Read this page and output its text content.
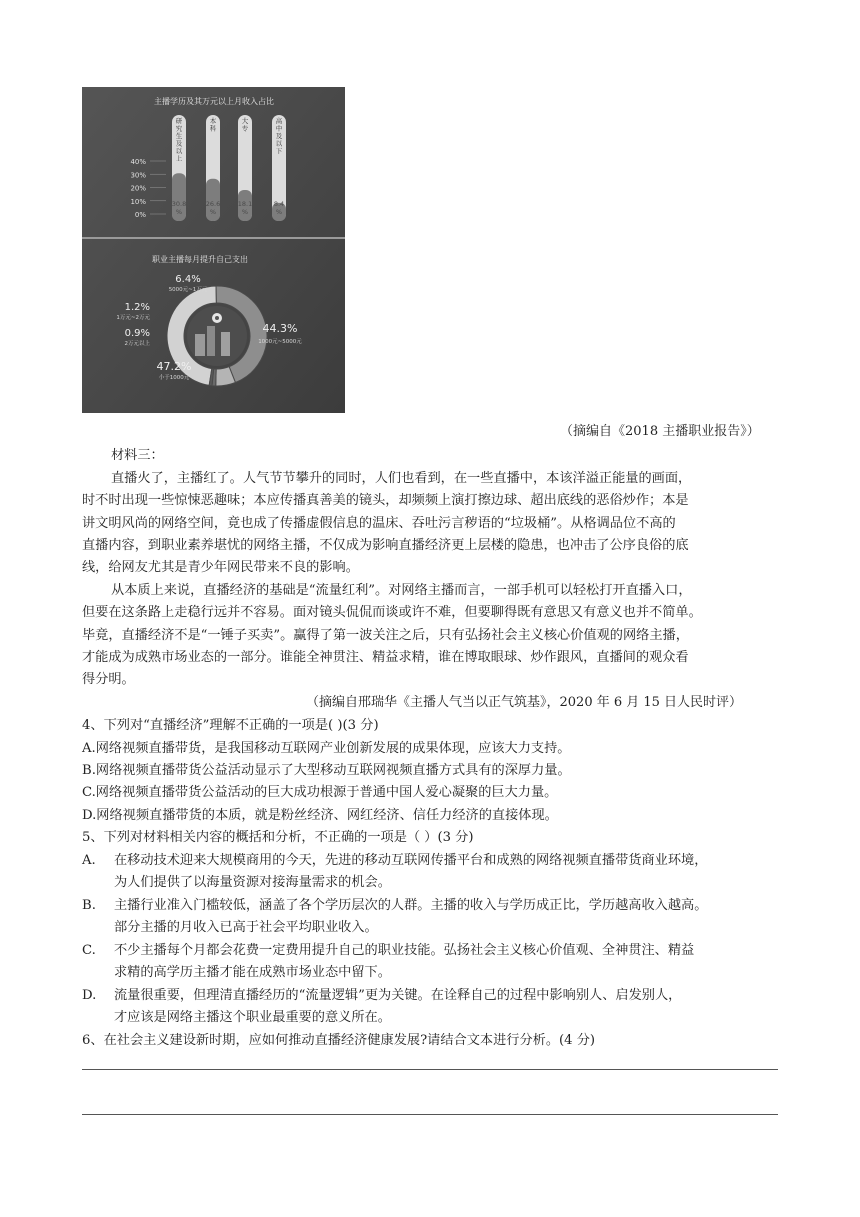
主播学历及其万元以上月收入占比
40%
30%
20%
10%
0%
研究生及以上
30.8 %
本科
26.6 %
大专
18.1 %
高中及以下
8.4 %
职业主播每月提升自己支出
6.4%
5000元~1万元
1.2%
1万元~2万元
0.9%
2万元以上
44.3%
1000元~5000元
47.2%
小于1000元
（摘编自《2018 主播职业报告》）
材料三：
直播火了，主播红了。人气节节攀升的同时，人们也看到，在一些直播中，本该洋溢正能量的画面，
时不时出现一些惊悚恶趣味；本应传播真善美的镜头，却频频上演打擦边球、超出底线的恶俗炒作；本是
讲文明风尚的网络空间，竟也成了传播虚假信息的温床、吞吐污言秽语的“垃圾桶”。从格调品位不高的
直播内容，到职业素养堪忧的网络主播，不仅成为影响直播经济更上层楼的隐患，也冲击了公序良俗的底
线，给网友尤其是青少年网民带来不良的影响。
从本质上来说，直播经济的基础是“流量红利”。对网络主播而言，一部手机可以轻松打开直播入口，
但要在这条路上走稳行远并不容易。面对镜头侃侃而谈或许不难，但要聊得既有意思又有意义也并不简单。
毕竟，直播经济不是“一锤子买卖”。赢得了第一波关注之后，只有弘扬社会主义核心价值观的网络主播，
才能成为成熟市场业态的一部分。谁能全神贯注、精益求精，谁在博取眼球、炒作跟风，直播间的观众看
得分明。
（摘编自邢瑞华《主播人气当以正气筑基》，2020 年 6 月 15 日人民时评）
4、下列对“直播经济”理解不正确的一项是( )(3 分)
A.网络视频直播带货，是我国移动互联网产业创新发展的成果体现，应该大力支持。
B.网络视频直播带货公益活动显示了大型移动互联网视频直播方式具有的深厚力量。
C.网络视频直播带货公益活动的巨大成功根源于普通中国人爱心凝聚的巨大力量。
D.网络视频直播带货的本质，就是粉丝经济、网红经济、信任力经济的直接体现。
5、下列对材料相关内容的概括和分析，不正确的一项是（ ）(3 分)
A. 在移动技术迎来大规模商用的今天，先进的移动互联网传播平台和成熟的网络视频直播带货商业环境，
为人们提供了以海量资源对接海量需求的机会。
B. 主播行业准入门槛较低，涵盖了各个学历层次的人群。主播的收入与学历成正比，学历越高收入越高。
部分主播的月收入已高于社会平均职业收入。
C. 不少主播每个月都会花费一定费用提升自己的职业技能。弘扬社会主义核心价值观、全神贯注、精益
求精的高学历主播才能在成熟市场业态中留下。
D. 流量很重要，但理清直播经历的“流量逻辑”更为关键。在诠释自己的过程中影响别人、启发别人，
才应该是网络主播这个职业最重要的意义所在。
6、在社会主义建设新时期，应如何推动直播经济健康发展?请结合文本进行分析。(4 分)
